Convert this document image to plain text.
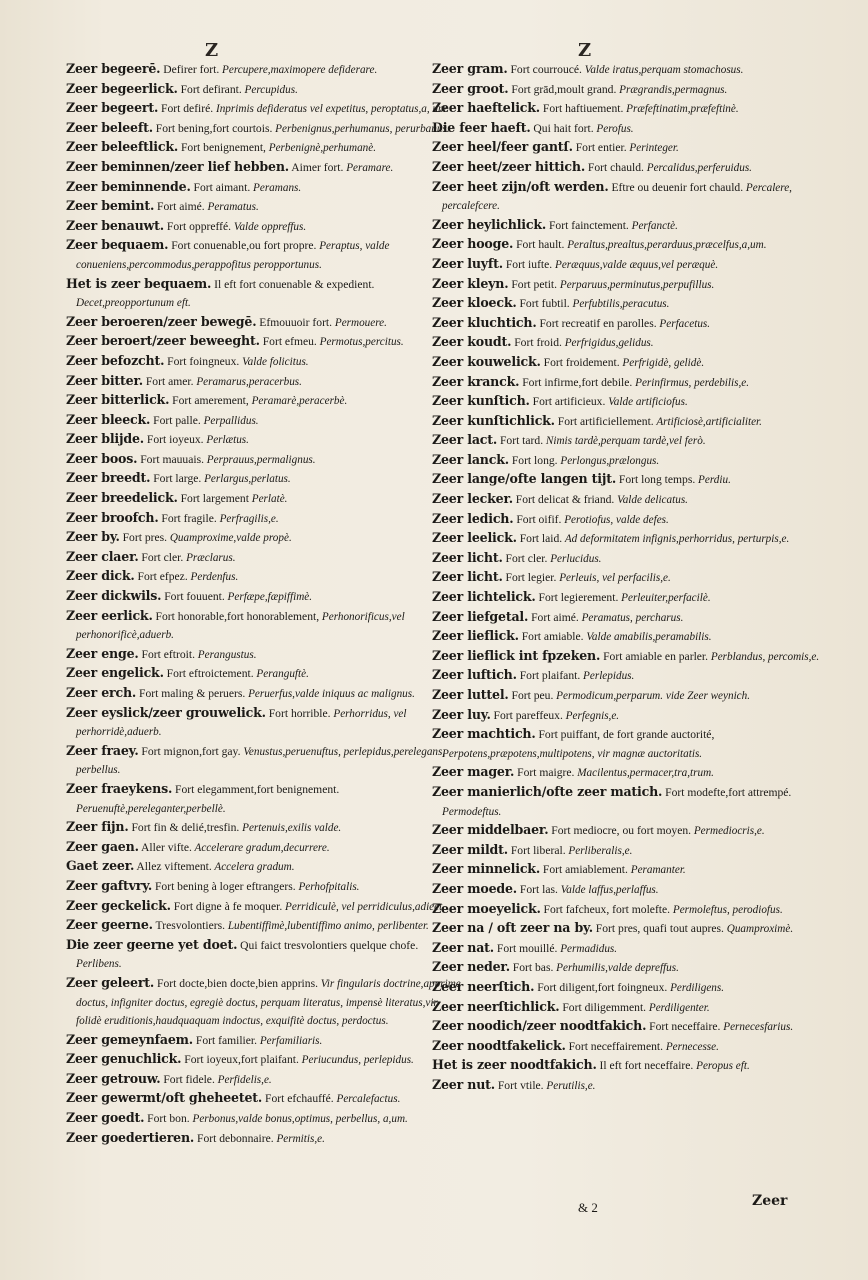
Z	Z

Zeer begeerē. Defirer fort. Percupere,maximopere defiderare.

Zeer begeerlick. Fort defirant. Percupidus.

Zeer begeert. Fort defiré. Inprimis defideratus vel expetitus, peroptatus,a, um.

Zeer beleeft. Fort bening,fort courtois. Perbenignus,perhumanus, perurbanus.

Zeer beleeftlick. Fort benignement, Perbenignè,perhumanè.

Zeer beminnen/zeer lief hebben. Aimer fort. Peramare.

Zeer beminnende. Fort aimant. Peramans.

Zeer bemint. Fort aimé. Peramatus.

Zeer benauwt. Fort oppreffé. Valde oppreffus.

Zeer bequaem. Fort conuenable,ou fort propre. Peraptus, valde conueniens,percommodus,perappofitus peropportunus.

Het is zeer bequaem. Il eft fort conuenable & expedient. Decet,preopportunum eft.

Zeer beroeren/zeer bewegē. Efmouuoir fort. Permouere.

Zeer beroert/zeer beweeght. Fort efmeu. Permotus,percitus.

Zeer befozcht. Fort foingneux. Valde folicitus.

Zeer bitter. Fort amer. Peramarus,peracerbus.

Zeer bitterlick. Fort amerement, Peramarè,peracerbè.

Zeer bleeck. Fort palle. Perpallidus.

Zeer blijde. Fort ioyeux. Perlætus.

Zeer boos. Fort mauuais. Perprauus,permalignus.

Zeer breedt. Fort large. Perlargus,perlatus.

Zeer breedelick. Fort largement Perlatè.

Zeer broofch. Fort fragile. Perfragilis,e.

Zeer by. Fort pres. Quamproxime,valde propè.

Zeer claer. Fort cler. Præclarus.

Zeer dick. Fort efpez. Perdenfus.

Zeer dickwils. Fort fouuent. Perfæpe,fæpiffimè.

Zeer eerlick. Fort honorable,fort honorablement, Perhonorificus,vel perhonorificè,aduerb.

Zeer enge. Fort eftroit. Perangustus.

Zeer engelick. Fort eftroictement. Peranguftè.

Zeer erch. Fort maling & peruers. Peruerfus,valde iniquus ac malignus.

Zeer eyslick/zeer grouwelick. Fort horrible. Perhorridus, vel perhorridè,aduerb.

Zeer fraey. Fort mignon,fort gay. Venustus,peruenuftus, perlepidus,perelegans, perbellus.

Zeer fraeykens. Fort elegamment,fort benignement. Peruenuftè,pereleganter,perbellè.

Zeer fijn. Fort fin & delié,tresfin. Pertenuis,exilis valde.

Zeer gaen. Aller vifte. Accelerare gradum,decurrere.

Gaet zeer. Allez viftement. Accelera gradum.

Zeer gaftvry. Fort bening à loger eftrangers. Perhofpitalis.

Zeer geckelick. Fort digne à fe moquer. Perridiculè, vel perridiculus,adiect.

Zeer geerne. Tresvolontiers. Lubentiffimè,lubentiffimo animo, perlibenter.

Die zeer geerne yet doet. Qui faict tresvolontiers quelque chofe. Perlibens.

Zeer geleert. Fort docte,bien docte,bien apprins. Vir fingularis doctrine,apprime doctus, infigniter doctus, egregiè doctus, perquam literatus, impensè literatus,vir folidè eruditionis,haudquaquam indoctus, exquifitè doctus, perdoctus.

Zeer gemeynfaem. Fort familier. Perfamiliaris.

Zeer genuchlick. Fort ioyeux,fort plaifant. Periucundus, perlepidus.

Zeer getrouw. Fort fidele. Perfidelis,e.

Zeer gewermt/oft gheheetet. Fort efchauffé. Percalefactus.

Zeer goedt. Fort bon. Perbonus,valde bonus,optimus, perbellus, a,um.

Zeer goedertieren. Fort debonnaire. Permitis,e.

Zeer gram. Fort courroucé. Valde iratus,perquam stomachosus.

Zeer groot. Fort grād,moult grand. Prægrandis,permagnus.

Zeer haeftelick. Fort haftiuement. Præfeftinatim,præfeftinè.

Die feer haeft. Qui hait fort. Perofus.

Zeer heel/feer gantſ. Fort entier. Perinteger.

Zeer heet/zeer hittich. Fort chauld. Percalidus,perferuidus.

Zeer heet zijn/oft werden. Eftre ou deuenir fort chauld. Percalere, percalefcere.

Zeer heylichlick. Fort fainctement. Perfanctè.

Zeer hooge. Fort hault. Peraltus,prealtus,perarduus,præcelfus,a,um.

Zeer luyft. Fort iufte. Peræquus,valde æquus,vel peræquè.

Zeer kleyn. Fort petit. Perparuus,perminutus,perpufillus.

Zeer kloeck. Fort fubtil. Perfubtilis,peracutus.

Zeer kluchtich. Fort recreatif en parolles. Perfacetus.

Zeer koudt. Fort froid. Perfrigidus,gelidus.

Zeer kouwelick. Fort froidement. Perfrigidè, gelidè.

Zeer kranck. Fort infirme,fort debile. Perinfirmus, perdebilis,e.

Zeer kunſtich. Fort artificieux. Valde artificiofus.

Zeer kunſtichlick. Fort artificiellement. Artificiosè,artificialiter.

Zeer lact. Fort tard. Nimis tardè,perquam tardè,vel ferò.

Zeer lanck. Fort long. Perlongus,prælongus.

Zeer lange/ofte langen tijt. Fort long temps. Perdiu.

Zeer lecker. Fort delicat & friand. Valde delicatus.

Zeer ledich. Fort oifif. Perotiofus, valde defes.

Zeer leelick. Fort laid. Ad deformitatem infignis,perhorridus, perturpis,e.

Zeer licht. Fort cler. Perlucidus.

Zeer licht. Fort legier. Perleuis, vel perfacilis,e.

Zeer lichtelick. Fort legierement. Perleuiter,perfacilè.

Zeer liefgetal. Fort aimé. Peramatus, percharus.

Zeer lieflick. Fort amiable. Valde amabilis,peramabilis.

Zeer lieflick int fpzeken. Fort amiable en parler. Perblandus, percomis,e.

Zeer luftich. Fort plaifant. Perlepidus.

Zeer luttel. Fort peu. Permodicum,perparum. vide Zeer weynich.

Zeer luy. Fort pareffeux. Perfegnis,e.

Zeer machtich. Fort puiffant, de fort grande auctorité, Perpotens,præpotens,multipotens, vir magnæ auctoritatis.

Zeer mager. Fort maigre. Macilentus,permacer,tra,trum.

Zeer manierlich/ofte zeer matich. Fort modefte,fort attrempé. Permodeftus.

Zeer middelbaer. Fort mediocre, ou fort moyen. Permediocris,e.

Zeer mildt. Fort liberal. Perliberalis,e.

Zeer minnelick. Fort amiablement. Peramanter.

Zeer moede. Fort las. Valde laffus,perlaffus.

Zeer moeyelick. Fort fafcheux, fort molefte. Permoleftus, perodiofus.

Zeer na / oft zeer na by. Fort pres, quafi tout aupres. Quamproximè.

Zeer nat. Fort mouillé. Permadidus.

Zeer neder. Fort bas. Perhumilis,valde depreffus.

Zeer neerſtich. Fort diligent,fort foingneux. Perdiligens.

Zeer neerſtichlick. Fort diligemment. Perdiligenter.

Zeer noodich/zeer noodtfakich. Fort neceffaire. Pernecesfarius.

Zeer noodtfakelick. Fort neceffairement. Pernecesse.

Het is zeer noodtfakich. Il eft fort neceffaire. Peropus eft.

Zeer nut. Fort vtile. Perutilis,e.

& 2	Zeer
